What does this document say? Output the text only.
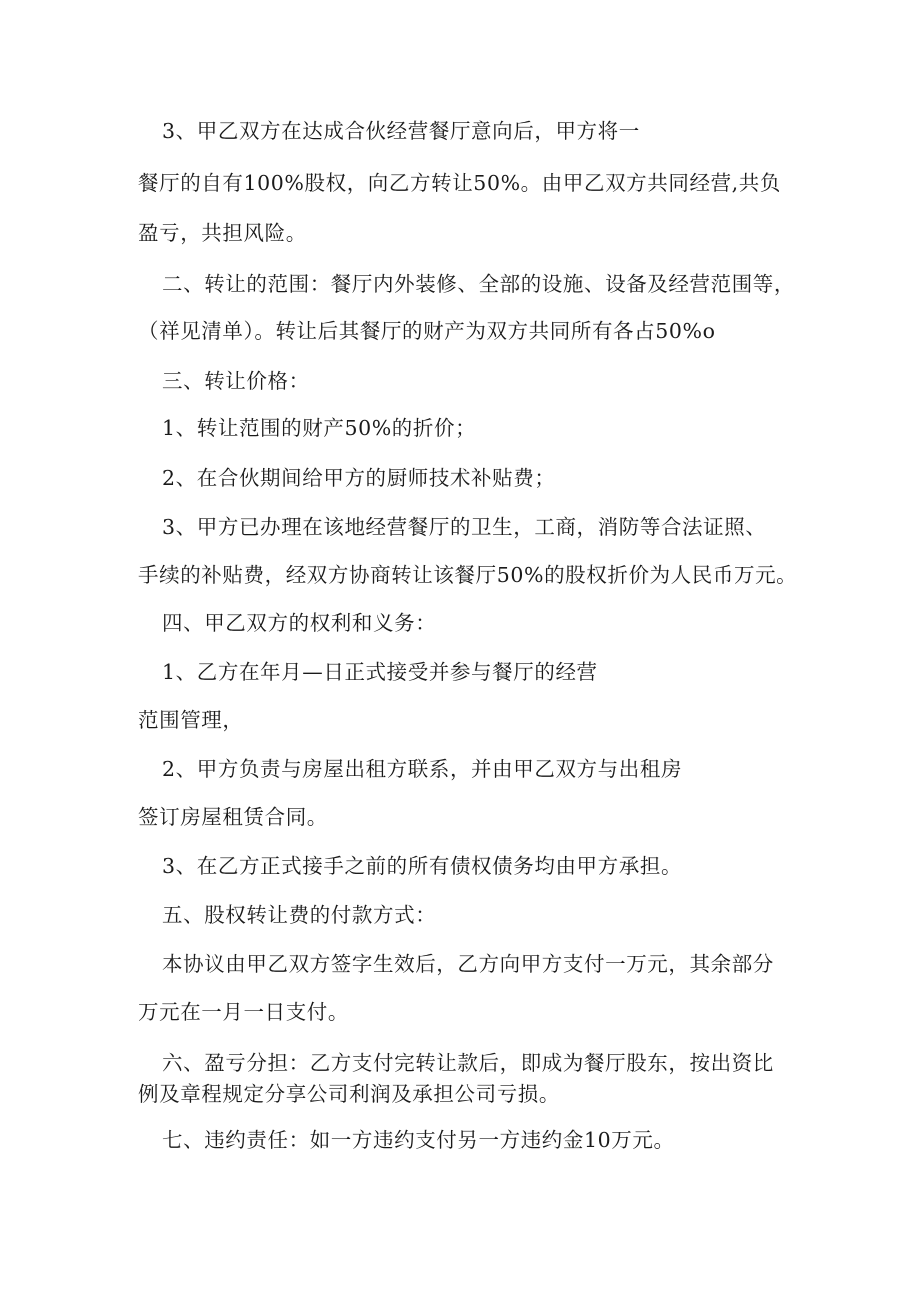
3、甲乙双方在达成合伙经营餐厅意向后，甲方将一
餐厅的自有100%股权，向乙方转让50%。由甲乙双方共同经营,共负
盈亏，共担风险。
二、转让的范围：餐厅内外装修、全部的设施、设备及经营范围等，
（祥见清单）。转让后其餐厅的财产为双方共同所有各占50%o
三、转让价格：
1、转让范围的财产50%的折价；
2、在合伙期间给甲方的厨师技术补贴费；
3、甲方已办理在该地经营餐厅的卫生，工商，消防等合法证照、
手续的补贴费，经双方协商转让该餐厅50%的股权折价为人民币万元。
四、甲乙双方的权利和义务：
1、乙方在年月—日正式接受并参与餐厅的经营
范围管理，
2、甲方负责与房屋出租方联系，并由甲乙双方与出租房
签订房屋租赁合同。
3、在乙方正式接手之前的所有债权债务均由甲方承担。
五、股权转让费的付款方式：
本协议由甲乙双方签字生效后，乙方向甲方支付一万元，其余部分
万元在一月一日支付。
六、盈亏分担：乙方支付完转让款后，即成为餐厅股东，按出资比
例及章程规定分享公司利润及承担公司亏损。
七、违约责任：如一方违约支付另一方违约金10万元。
